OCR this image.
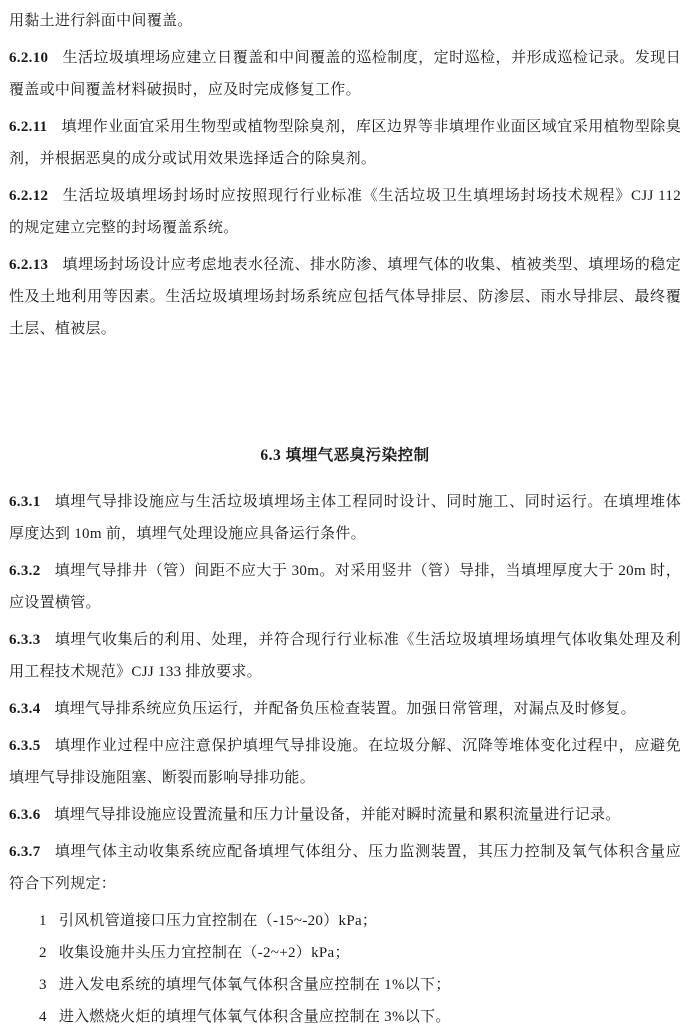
用黏土进行斜面中间覆盖。

6.2.10 生活垃圾填埋场应建立日覆盖和中间覆盖的巡检制度，定时巡检，并形成巡检记录。发现日覆盖或中间覆盖材料破损时，应及时完成修复工作。

6.2.11 填埋作业面宜采用生物型或植物型除臭剂，库区边界等非填埋作业面区域宜采用植物型除臭剂，并根据恶臭的成分或试用效果选择适合的除臭剂。

6.2.12 生活垃圾填埋场封场时应按照现行行业标准《生活垃圾卫生填埋场封场技术规程》CJJ 112 的规定建立完整的封场覆盖系统。

6.2.13 填埋场封场设计应考虑地表水径流、排水防渗、填埋气体的收集、植被类型、填埋场的稳定性及土地利用等因素。生活垃圾填埋场封场系统应包括气体导排层、防渗层、雨水导排层、最终覆土层、植被层。

6.3 填埋气恶臭污染控制

6.3.1 填埋气导排设施应与生活垃圾填埋场主体工程同时设计、同时施工、同时运行。在填埋堆体厚度达到 10m 前，填埋气处理设施应具备运行条件。

6.3.2 填埋气导排井（管）间距不应大于 30m。对采用竖井（管）导排，当填埋厚度大于 20m 时，应设置横管。

6.3.3 填埋气收集后的利用、处理，并符合现行行业标准《生活垃圾填埋场填埋气体收集处理及利用工程技术规范》CJJ 133 排放要求。

6.3.4 填埋气导排系统应负压运行，并配备负压检查装置。加强日常管理，对漏点及时修复。

6.3.5 填埋作业过程中应注意保护填埋气导排设施。在垃圾分解、沉降等堆体变化过程中，应避免填埋气导排设施阻塞、断裂而影响导排功能。

6.3.6 填埋气导排设施应设置流量和压力计量设备，并能对瞬时流量和累积流量进行记录。

6.3.7 填埋气体主动收集系统应配备填埋气体组分、压力监测装置，其压力控制及氧气体积含量应符合下列规定：

1 引风机管道接口压力宜控制在（-15~-20）kPa；

2 收集设施井头压力宜控制在（-2~+2）kPa；

3 进入发电系统的填埋气体氧气体积含量应控制在 1%以下；

4 进入燃烧火炬的填埋气体氧气体积含量应控制在 3%以下。
